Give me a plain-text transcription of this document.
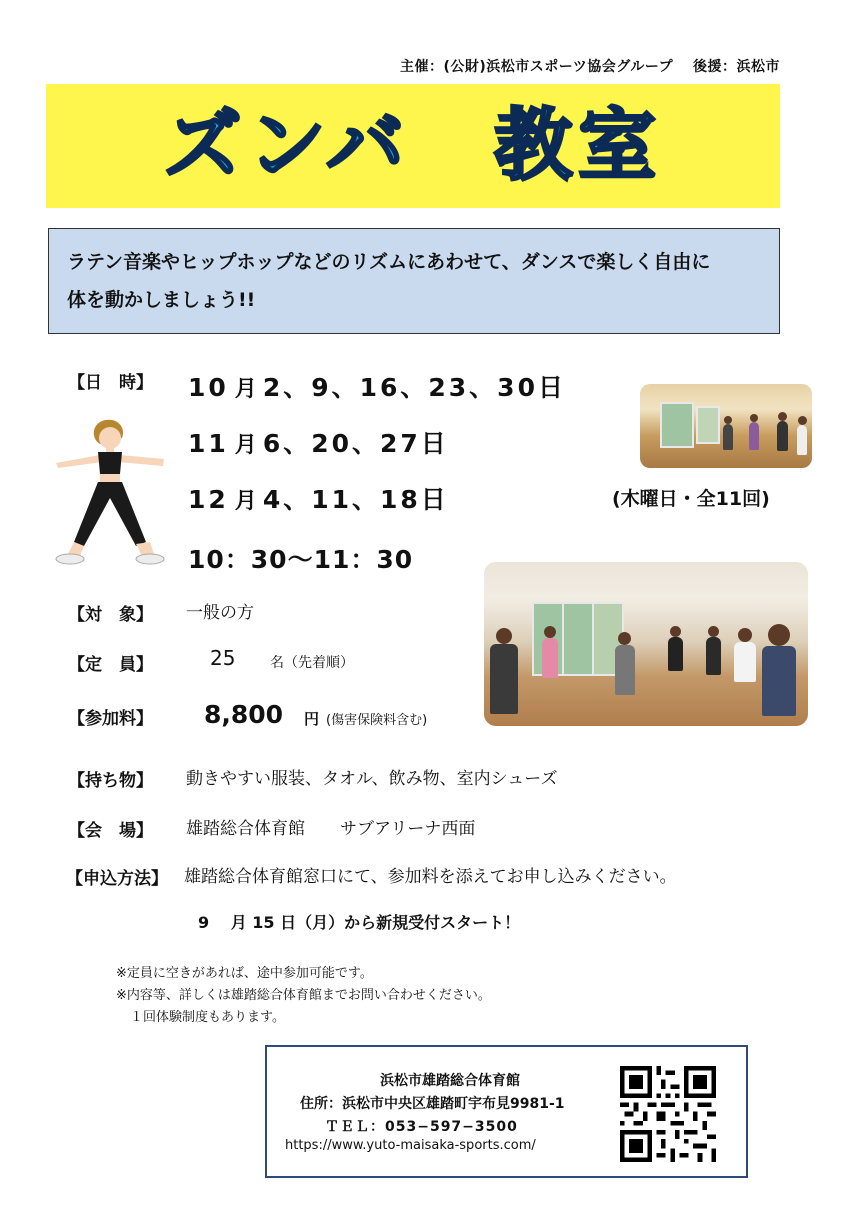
主催：(公財)浜松市スポーツ協会グループ　 後援：浜松市
ズンバ　教室
ラテン音楽やヒップホップなどのリズムにあわせて、ダンスで楽しく自由に
体を動かしましょう!!
【日　時】 10 月 2、9、16、23、30日
11 月 6、20、27日
12 月 4、11、18日	(木曜日・全11回)
10：30〜11：30
【対　象】 一般の方
【定　員】	25 名（先着順）
【参加料】 8,800 円 (傷害保険料含む)
【持ち物】 動きやすい服装、タオル、飲み物、室内シューズ
【会　場】 雄踏総合体育館 サブアリーナ西面
【申込方法】 雄踏総合体育館窓口にて、参加料を添えてお申し込みください。
9　 月 15 日（月）から新規受付スタート！
※定員に空きがあれば、途中参加可能です。
※内容等、詳しくは雄踏総合体育館までお問い合わせください。
１回体験制度もあります。
浜松市雄踏総合体育館
住所：浜松市中央区雄踏町宇布見9981-1
ＴＥＬ：053−597−3500
https://www.yuto-maisaka-sports.com/
